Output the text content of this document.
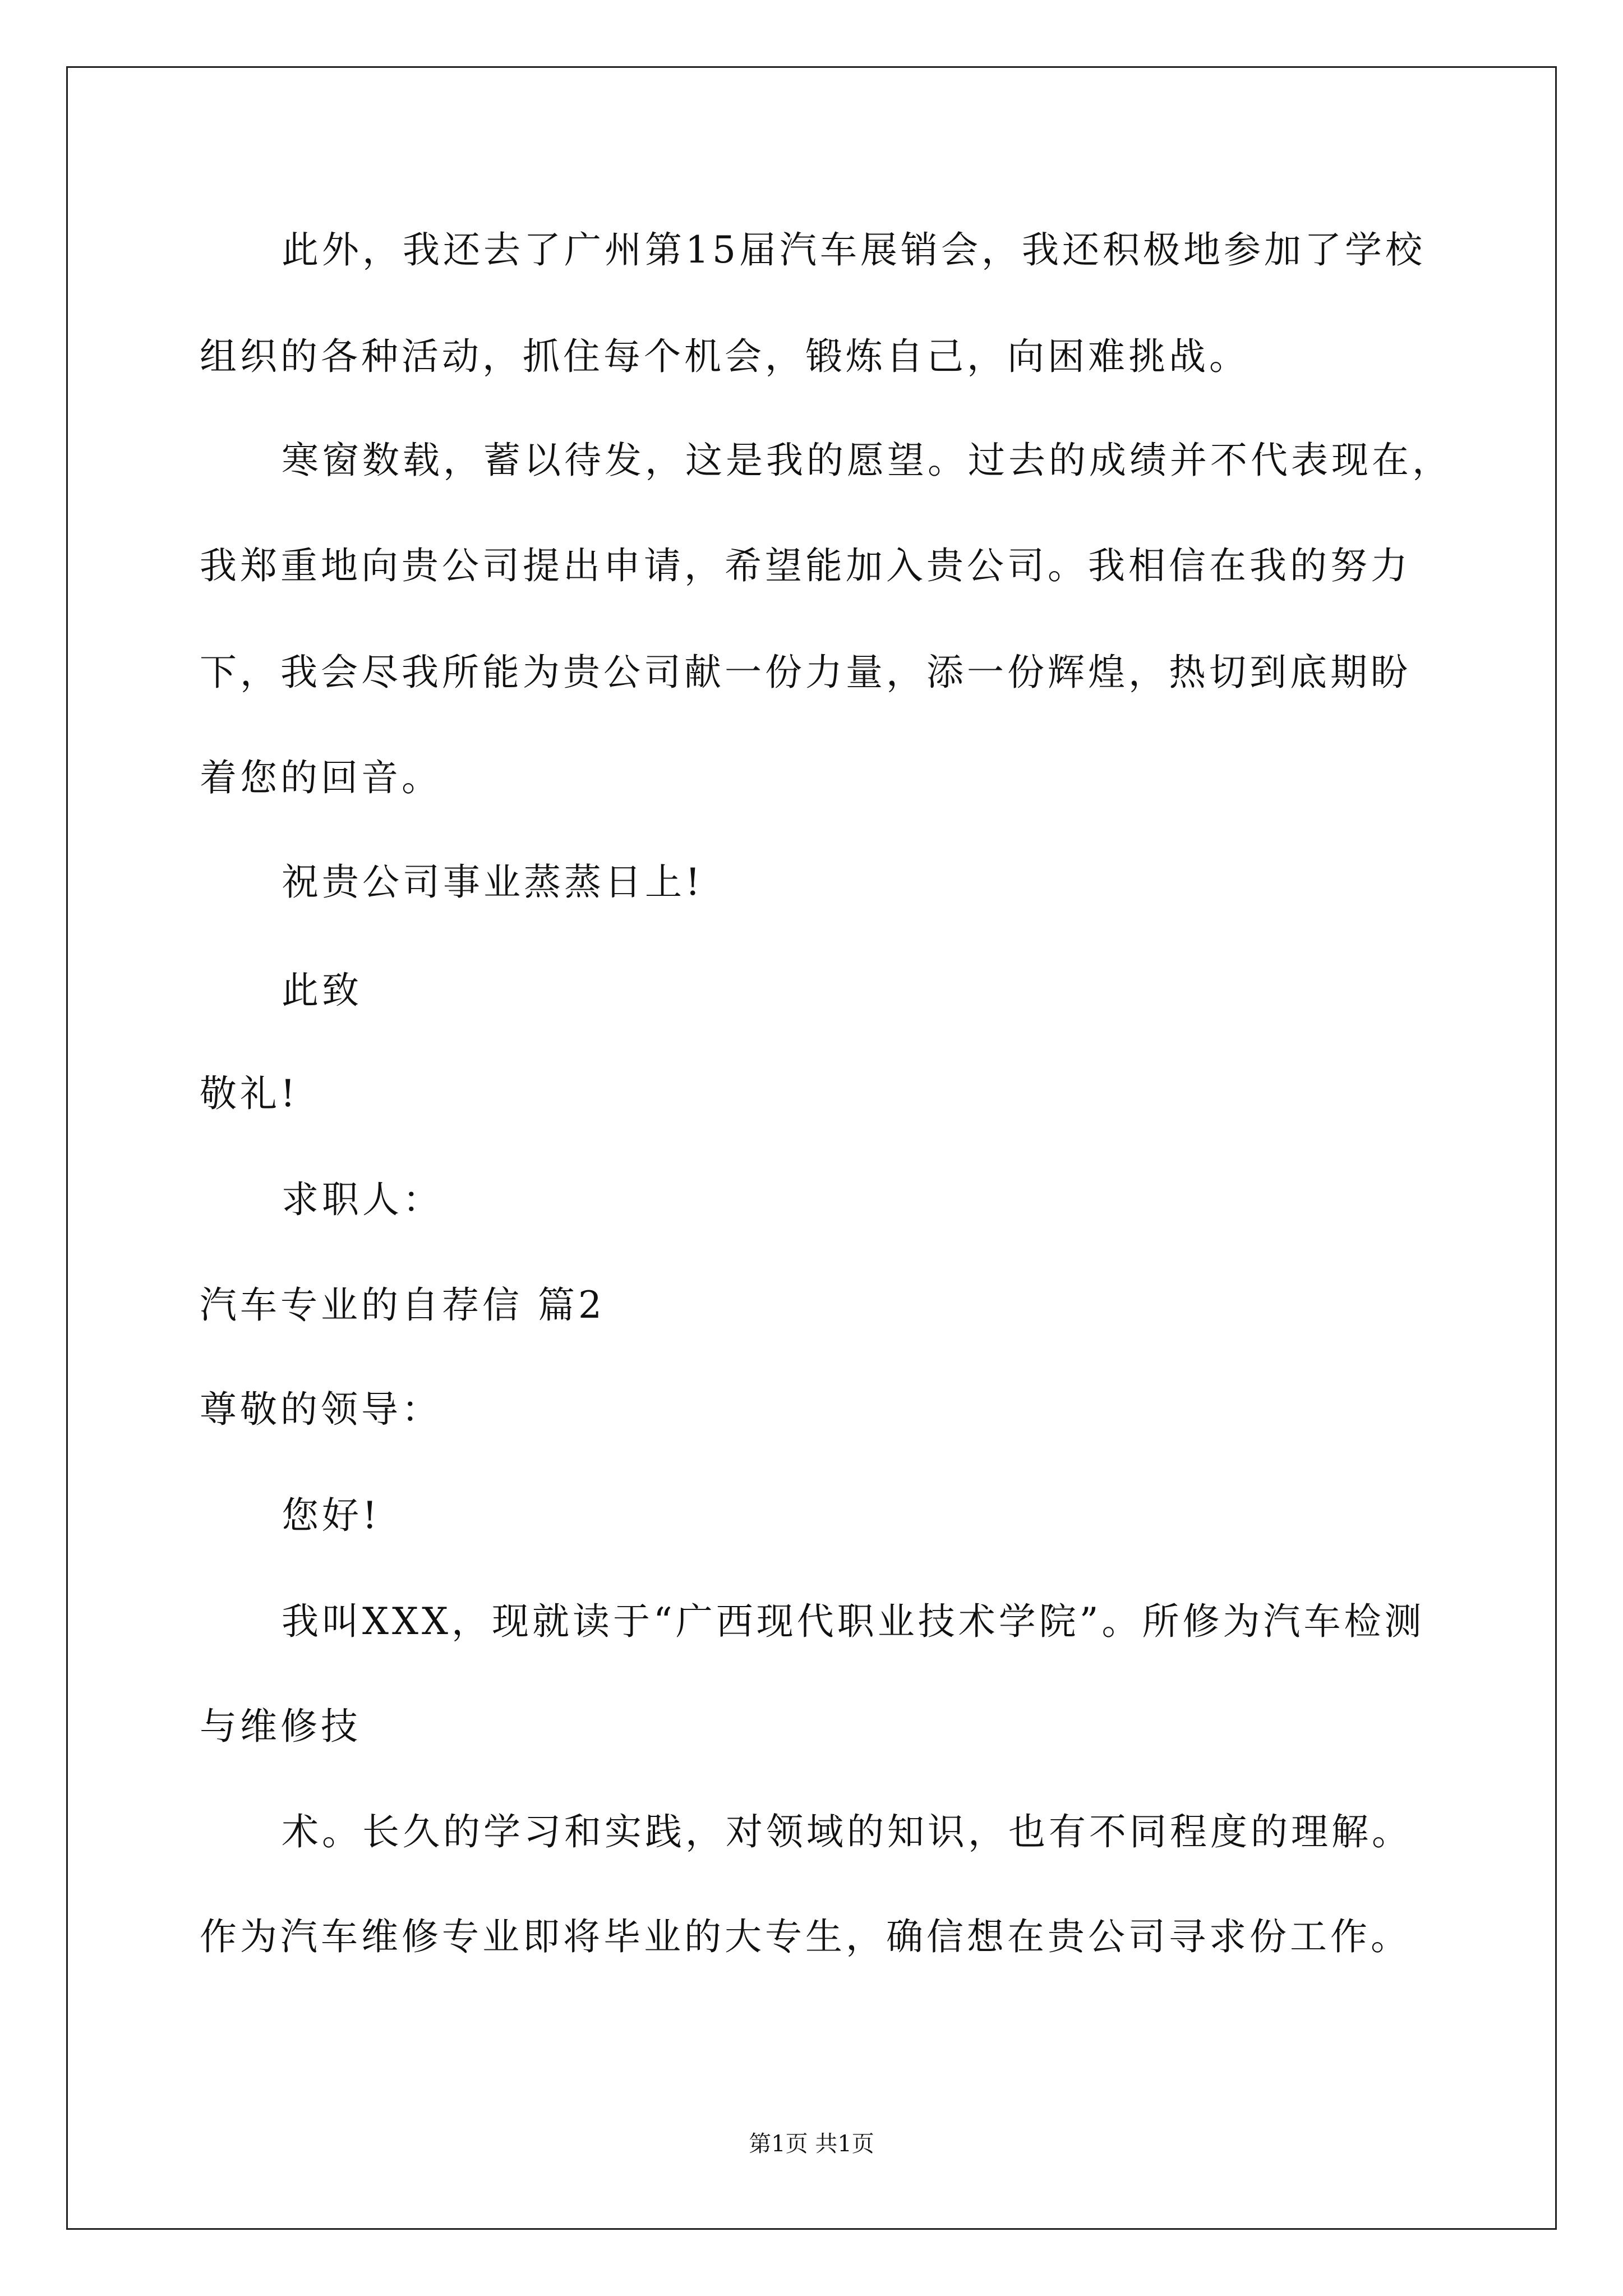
此外，我还去了广州第15届汽车展销会，我还积极地参加了学校
组织的各种活动，抓住每个机会，锻炼自己，向困难挑战。
寒窗数载，蓄以待发，这是我的愿望。过去的成绩并不代表现在，
我郑重地向贵公司提出申请，希望能加入贵公司。我相信在我的努力
下，我会尽我所能为贵公司献一份力量，添一份辉煌，热切到底期盼
着您的回音。
祝贵公司事业蒸蒸日上!
此致
敬礼!
求职人：
汽车专业的自荐信 篇2
尊敬的领导：
您好!
我叫XXX，现就读于“广西现代职业技术学院”。所修为汽车检测
与维修技
术。长久的学习和实践，对领域的知识，也有不同程度的理解。
作为汽车维修专业即将毕业的大专生，确信想在贵公司寻求份工作。
第1页 共1页
